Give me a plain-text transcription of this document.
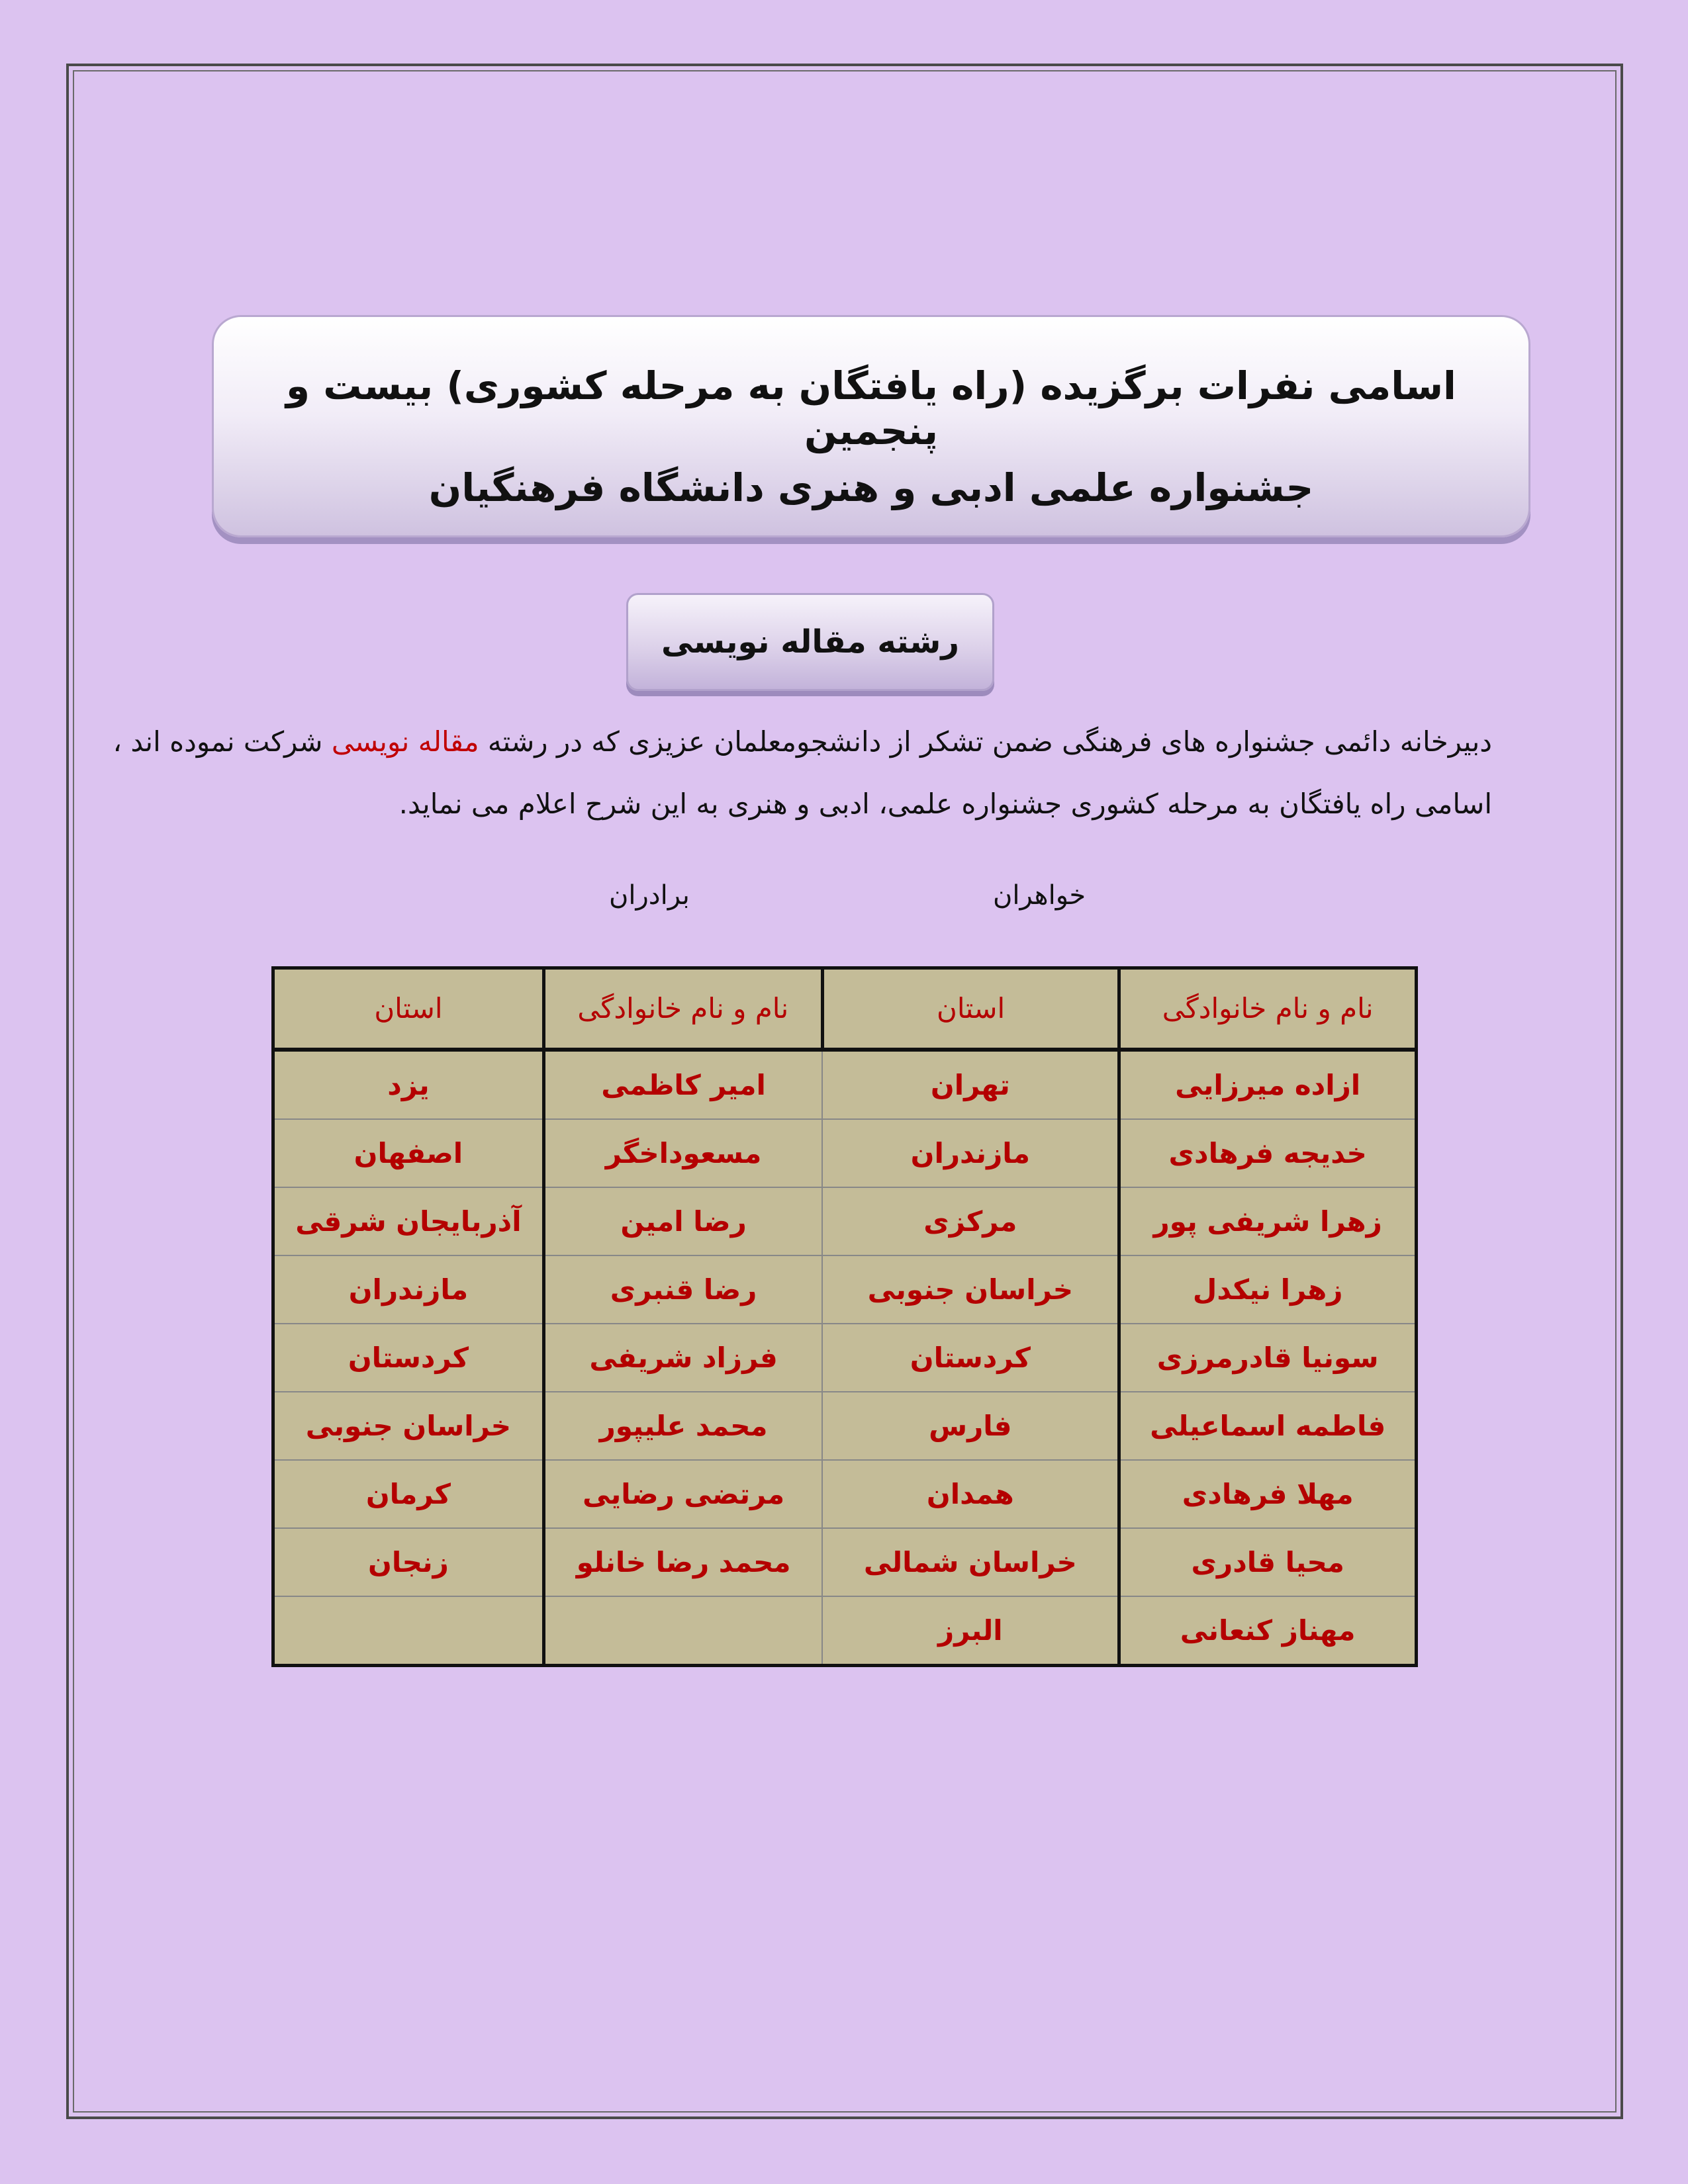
اسامی نفرات برگزیده (راه یافتگان به مرحله کشوری) بیست و پنجمین
جشنواره علمی ادبی و هنری دانشگاه فرهنگیان
رشته مقاله نویسی
دبیرخانه دائمی جشنواره های فرهنگی ضمن تشکر از دانشجومعلمان عزیزی که در رشته مقاله نویسی شرکت نموده اند ،
اسامی راه یافتگان به مرحله کشوری جشنواره علمی، ادبی و هنری به این شرح اعلام می نماید.
خواهران
برادران
نام و نام خانوادگی	استان	نام و نام خانوادگی	استان
ازاده میرزایی	تهران	امیر کاظمی	یزد
خدیجه فرهادی	مازندران	مسعوداخگر	اصفهان
زهرا شریفی پور	مرکزی	رضا امین	آذربایجان شرقی
زهرا نیکدل	خراسان جنوبی	رضا قنبری	مازندران
سونیا قادرمرزی	کردستان	فرزاد شریفی	کردستان
فاطمه اسماعیلی	فارس	محمد علیپور	خراسان جنوبی
مهلا فرهادی	همدان	مرتضی رضایی	کرمان
محیا قادری	خراسان شمالی	محمد رضا خانلو	زنجان
مهناز کنعانی	البرز		
